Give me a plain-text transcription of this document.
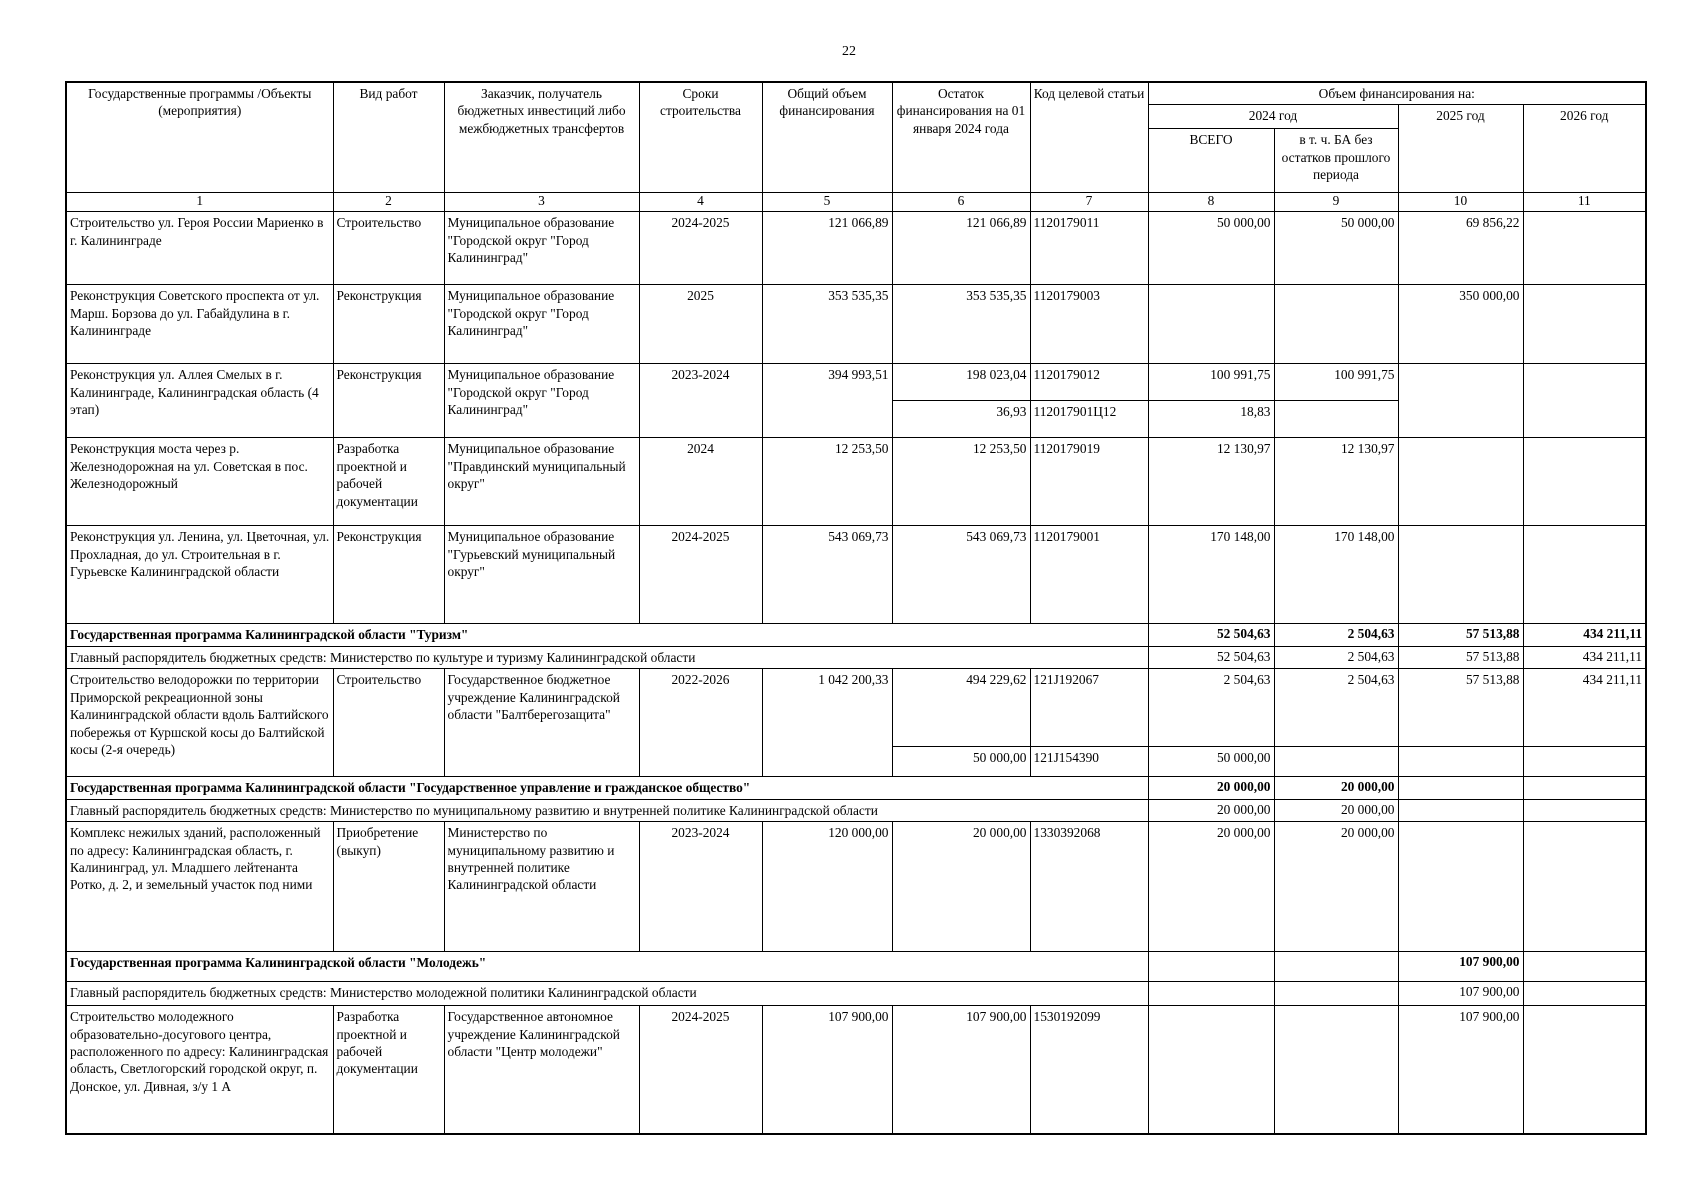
22
Государственные программы /Объекты (мероприятия)	Вид работ	Заказчик, получатель бюджетных инвестиций либо межбюджетных трансфертов	Сроки строительства	Общий объем финансирования	Остаток финансирования на 01 января 2024 года	Код целевой статьи	Объем финансирования на:			
							2024 год		2025 год	2026 год
							ВСЕГО	в т. ч. БА без остатков прошлого периода		
1	2	3	4	5	6	7	8	9	10	11
Строительство ул. Героя России Мариенко в г. Калининграде	Строительство	Муниципальное образование "Городской округ "Город Калининград"	2024-2025	121 066,89	121 066,89	1120179011	50 000,00	50 000,00	69 856,22	
Реконструкция Советского проспекта от ул. Марш. Борзова до ул. Габайдулина в г. Калининграде	Реконструкция	Муниципальное образование "Городской округ "Город Калининград"	2025	353 535,35	353 535,35	1120179003			350 000,00	
Реконструкция ул. Аллея Смелых в г. Калининграде, Калининградская область (4 этап)	Реконструкция	Муниципальное образование "Городской округ "Город Калининград"	2023-2024	394 993,51	198 023,04	1120179012	100 991,75	100 991,75		
					36,93	112017901Ц12	18,83			
Реконструкция моста через р. Железнодорожная на ул. Советская в пос. Железнодорожный	Разработка проектной и рабочей документации	Муниципальное образование "Правдинский муниципальный округ"	2024	12 253,50	12 253,50	1120179019	12 130,97	12 130,97		
Реконструкция ул. Ленина, ул. Цветочная, ул. Прохладная, до ул. Строительная в г. Гурьевске Калининградской области	Реконструкция	Муниципальное образование "Гурьевский муниципальный округ"	2024-2025	543 069,73	543 069,73	1120179001	170 148,00	170 148,00		
Государственная программа Калининградской области "Туризм"							52 504,63	2 504,63	57 513,88	434 211,11
Главный распорядитель бюджетных средств: Министерство по культуре и туризму Калининградской области							52 504,63	2 504,63	57 513,88	434 211,11
Строительство велодорожки по территории Приморской рекреационной зоны Калининградской области вдоль Балтийского побережья от Куршской косы до Балтийской косы (2-я очередь)	Строительство	Государственное бюджетное учреждение Калининградской области "Балтберегозащита"	2022-2026	1 042 200,33	494 229,62	121J192067	2 504,63	2 504,63	57 513,88	434 211,11
					50 000,00	121J154390	50 000,00			
Государственная программа Калининградской области "Государственное управление и гражданское общество"							20 000,00	20 000,00		
Главный распорядитель бюджетных средств: Министерство по муниципальному развитию и внутренней политике Калининградской области							20 000,00	20 000,00		
Комплекс нежилых зданий, расположенный по адресу: Калининградская область, г. Калининград, ул. Младшего лейтенанта Ротко, д. 2, и земельный участок под ними	Приобретение (выкуп)	Министерство по муниципальному развитию и внутренней политике Калининградской области	2023-2024	120 000,00	20 000,00	1330392068	20 000,00	20 000,00		
Государственная программа Калининградской области "Молодежь"									107 900,00	
Главный распорядитель бюджетных средств: Министерство молодежной политики Калининградской области									107 900,00	
Строительство молодежного образовательно-досугового центра, расположенного по адресу: Калининградская область, Светлогорский городской округ, п. Донское, ул. Дивная, з/у 1 А	Разработка проектной и рабочей документации	Государственное автономное учреждение Калининградской области "Центр молодежи"	2024-2025	107 900,00	107 900,00	1530192099			107 900,00	
